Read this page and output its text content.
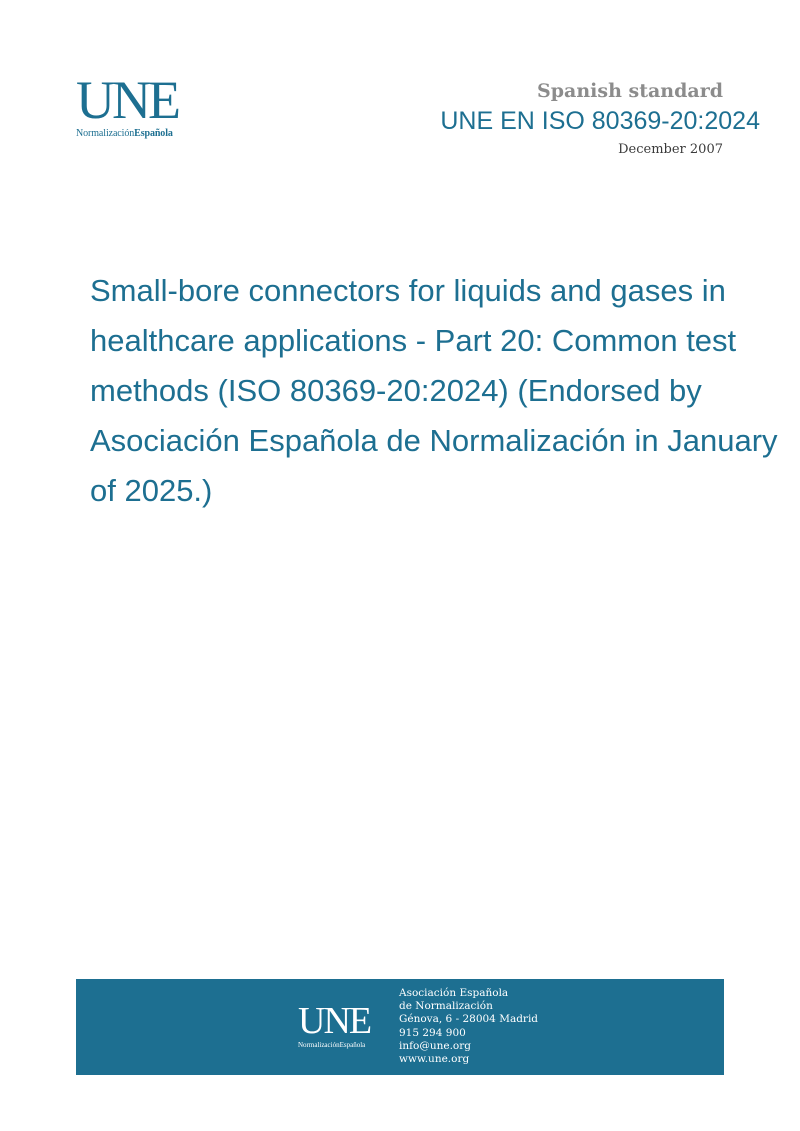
UNE
NormalizaciónEspañola
Spanish standard
UNE EN ISO 80369-20:2024
December 2007
Small-bore connectors for liquids and gases in healthcare applications - Part 20: Common test methods (ISO 80369-20:2024) (Endorsed by Asociación Española de Normalización in January of 2025.)
UNE
NormalizaciónEspañola
Asociación Española
de Normalización
Génova, 6 - 28004 Madrid
915 294 900
info@une.org
www.une.org
